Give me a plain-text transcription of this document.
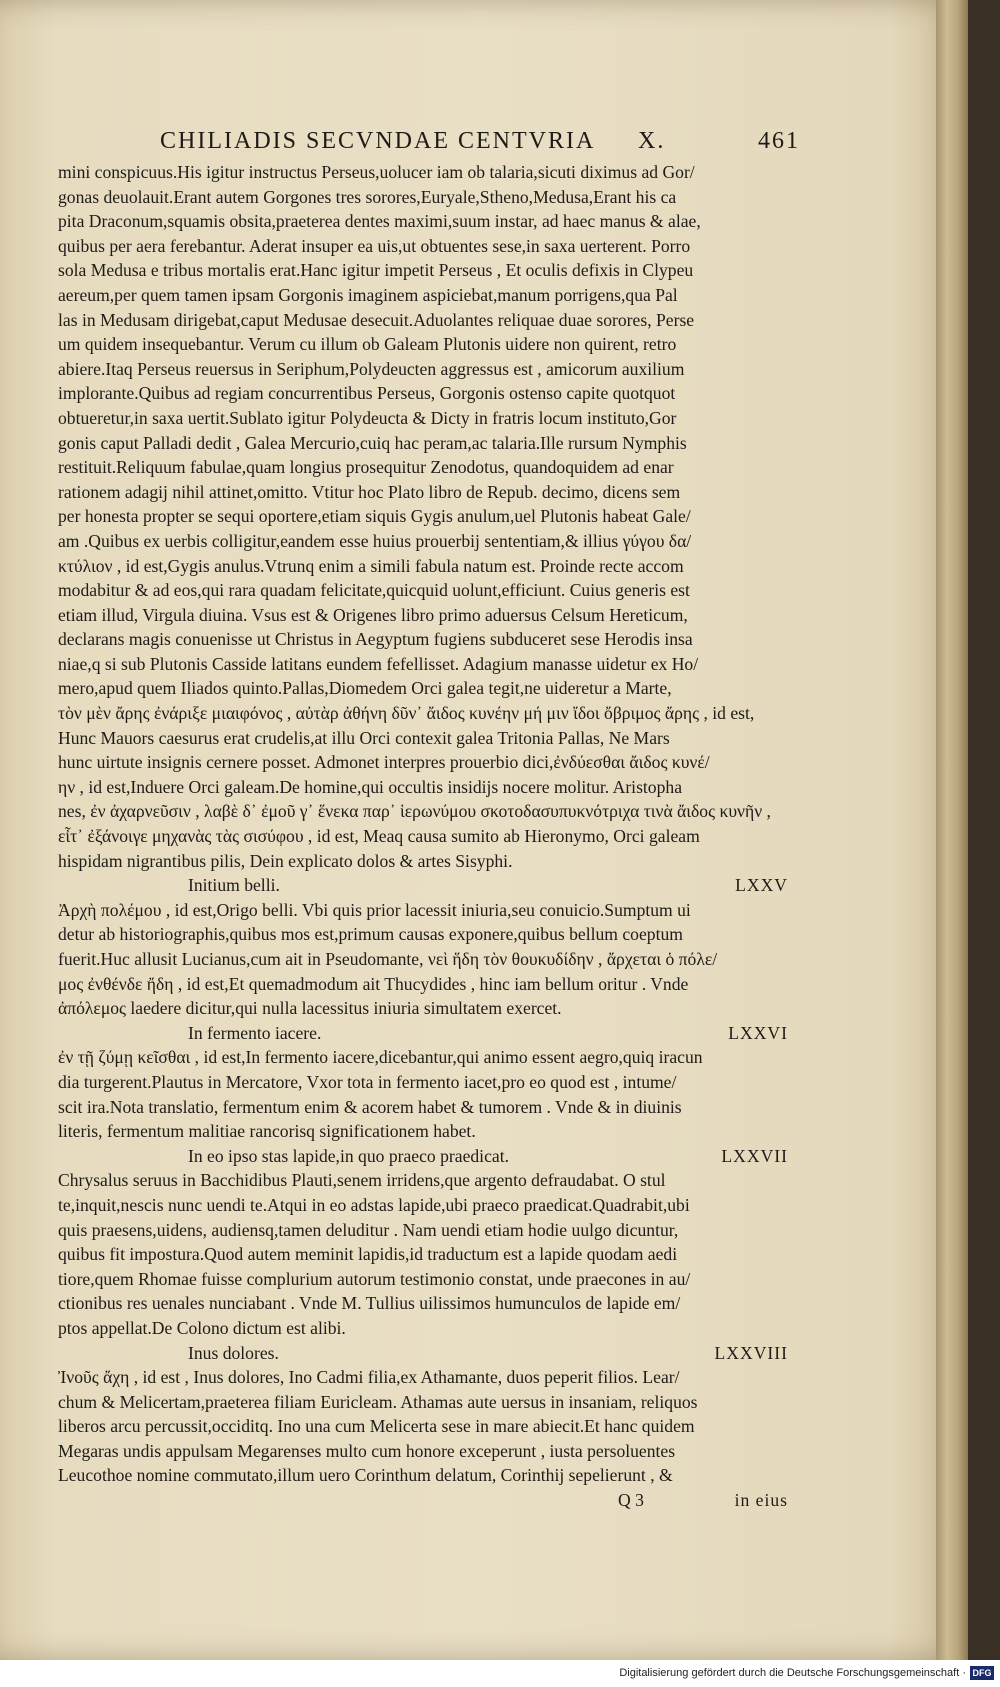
CHILIADIS SECVNDAE CENTVRIA X.	461
mini conspicuus.His igitur instructus Perseus,uolucer iam ob talaria,sicuti diximus ad Gor/
gonas deuolauit.Erant autem Gorgones tres sorores,Euryale,Stheno,Medusa,Erant his ca
pita Draconum,squamis obsita,praeterea dentes maximi,suum instar, ad haec manus & alae,
quibus per aera ferebantur. Aderat insuper ea uis,ut obtuentes sese,in saxa uerterent. Porro
sola Medusa e tribus mortalis erat.Hanc igitur impetit Perseus , Et oculis defixis in Clypeu
aereum,per quem tamen ipsam Gorgonis imaginem aspiciebat,manum porrigens,qua Pal
las in Medusam dirigebat,caput Medusae desecuit.Aduolantes reliquae duae sorores, Perse
um quidem insequebantur. Verum cu illum ob Galeam Plutonis uidere non quirent, retro
abiere.Itaq Perseus reuersus in Seriphum,Polydeucten aggressus est , amicorum auxilium
implorante.Quibus ad regiam concurrentibus Perseus, Gorgonis ostenso capite quotquot
obtueretur,in saxa uertit.Sublato igitur Polydeucta & Dicty in fratris locum instituto,Gor
gonis caput Palladi dedit , Galea Mercurio,cuiq hac peram,ac talaria.Ille rursum Nymphis
restituit.Reliquum fabulae,quam longius prosequitur Zenodotus, quandoquidem ad enar
rationem adagij nihil attinet,omitto. Vtitur hoc Plato libro de Repub. decimo, dicens sem
per honesta propter se sequi oportere,etiam siquis Gygis anulum,uel Plutonis habeat Gale/
am .Quibus ex uerbis colligitur,eandem esse huius prouerbij sententiam,& illius γύγου δα/
κτύλιον , id est,Gygis anulus.Vtrunq enim a simili fabula natum est. Proinde recte accom
modabitur & ad eos,qui rara quadam felicitate,quicquid uolunt,efficiunt. Cuius generis est
etiam illud, Virgula diuina. Vsus est & Origenes libro primo aduersus Celsum Hereticum,
declarans magis conuenisse ut Christus in Aegyptum fugiens subduceret sese Herodis insa
niae,q si sub Plutonis Casside latitans eundem fefellisset. Adagium manasse uidetur ex Ho/
mero,apud quem Iliados quinto.Pallas,Diomedem Orci galea tegit,ne uideretur a Marte,
τὸν μὲν ἄρης ἐνάριξε μιαιφόνος , αὐτὰρ ἀθήνη δῦν᾽ ἄιδος κυνέην μή μιν ἴδοι ὄβριμος ἄρης , id est,
Hunc Mauors caesurus erat crudelis,at illu Orci contexit galea Tritonia Pallas, Ne Mars
hunc uirtute insignis cernere posset. Admonet interpres prouerbio dici,ἐνδύεσθαι ἄιδος κυνέ/
ην , id est,Induere Orci galeam.De homine,qui occultis insidijs nocere molitur. Aristopha
nes, ἐν ἀχαρνεῦσιν , λαβὲ δ᾽ ἐμοῦ γ᾽ ἕνεκα παρ᾽ ἱερωνύμου σκοτοδασυπυκνότριχα τινὰ ἄιδος κυνῆν ,
εἶτ᾽ ἐξάνοιγε μηχανὰς τὰς σισύφου , id est, Meaq causa sumito ab Hieronymo, Orci galeam
hispidam nigrantibus pilis, Dein explicato dolos & artes Sisyphi.
Initium belli.	LXXV
Ἀρχὴ πολέμου , id est,Origo belli. Vbi quis prior lacessit iniuria,seu conuicio.Sumptum ui
detur ab historiographis,quibus mos est,primum causas exponere,quibus bellum coeptum
fuerit.Huc allusit Lucianus,cum ait in Pseudomante, νεὶ ἥδη τὸν θουκυδίδην , ἄρχεται ὁ πόλε/
μος ἐνθένδε ἤδη , id est,Et quemadmodum ait Thucydides , hinc iam bellum oritur . Vnde
ἀπόλεμος laedere dicitur,qui nulla lacessitus iniuria simultatem exercet.
In fermento iacere.	LXXVI
ἐν τῇ ζύμῃ κεῖσθαι , id est,In fermento iacere,dicebantur,qui animo essent aegro,quiq iracun
dia turgerent.Plautus in Mercatore, Vxor tota in fermento iacet,pro eo quod est , intume/
scit ira.Nota translatio, fermentum enim & acorem habet & tumorem . Vnde & in diuinis
literis, fermentum malitiae rancorisq significationem habet.
In eo ipso stas lapide,in quo praeco praedicat.	LXXVII
Chrysalus seruus in Bacchidibus Plauti,senem irridens,que argento defraudabat. O stul
te,inquit,nescis nunc uendi te.Atqui in eo adstas lapide,ubi praeco praedicat.Quadrabit,ubi
quis praesens,uidens, audiensq,tamen deluditur . Nam uendi etiam hodie uulgo dicuntur,
quibus fit impostura.Quod autem meminit lapidis,id traductum est a lapide quodam aedi
tiore,quem Rhomae fuisse complurium autorum testimonio constat, unde praecones in au/
ctionibus res uenales nunciabant . Vnde M. Tullius uilissimos humunculos de lapide em/
ptos appellat.De Colono dictum est alibi.
Inus dolores.	LXXVIII
Ἰνοῦς ἄχη , id est , Inus dolores, Ino Cadmi filia,ex Athamante, duos peperit filios. Lear/
chum & Melicertam,praeterea filiam Euricleam. Athamas aute uersus in insaniam, reliquos
liberos arcu percussit,occiditq. Ino una cum Melicerta sese in mare abiecit.Et hanc quidem
Megaras undis appulsam Megarenses multo cum honore exceperunt , iusta persoluentes
Leucothoe nomine commutato,illum uero Corinthum delatum, Corinthij sepelierunt , &
Q 3	in eius
Digitalisierung gefördert durch die Deutsche Forschungsgemeinschaft · DFG
